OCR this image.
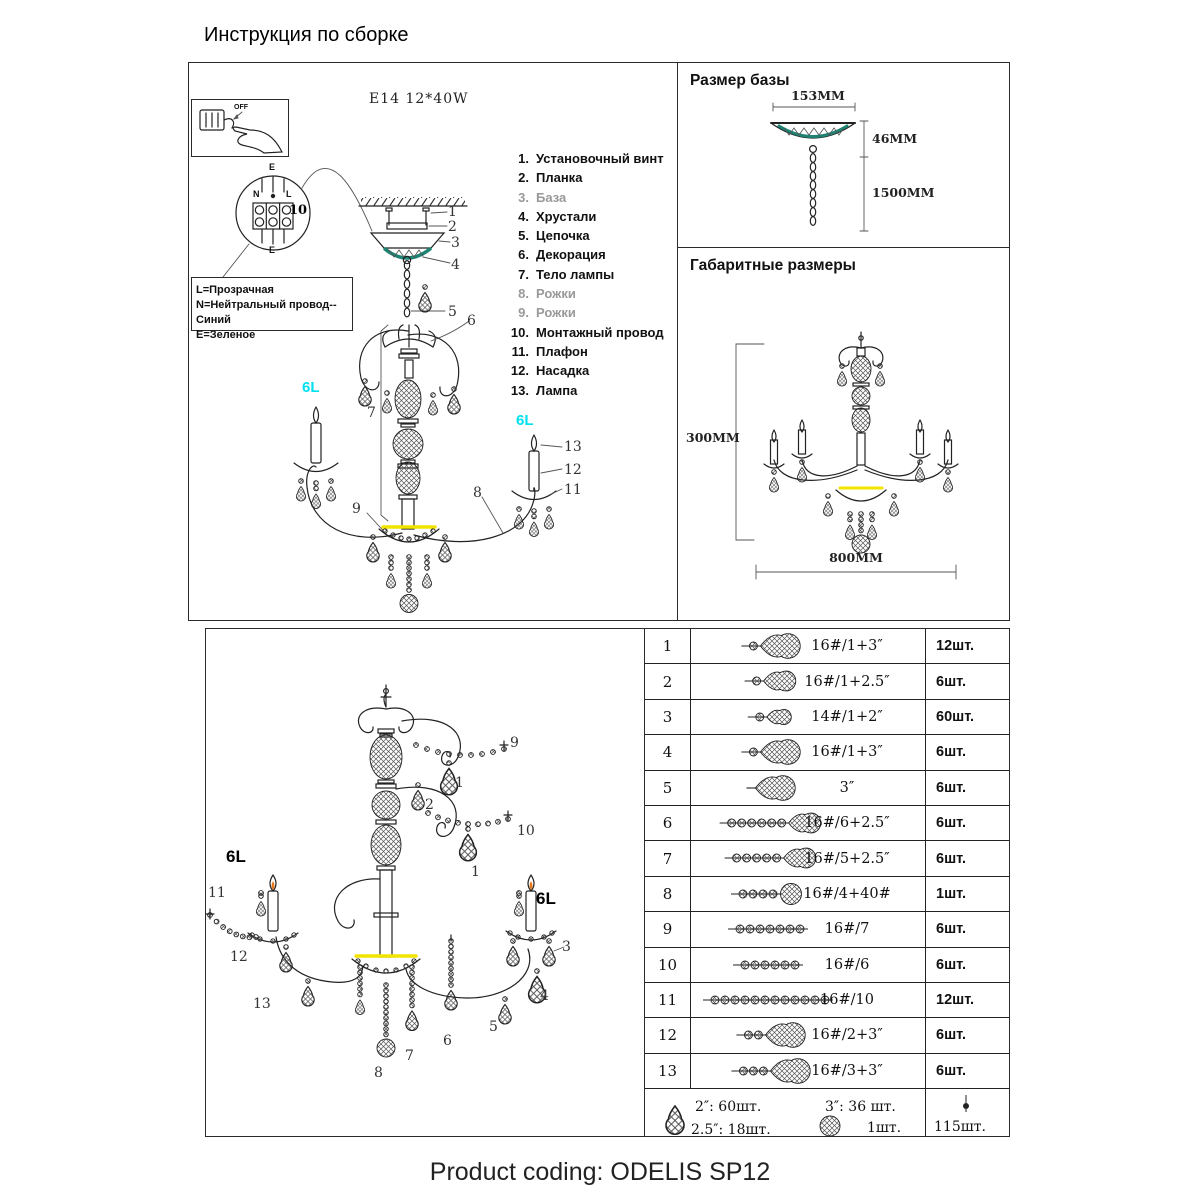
Инструкция по сборке
OFF
E14 12*40W
E
N	L
E
L=Прозрачная
N=Нейтральный провод--Синий
E=Зеленое
1. Установочный винт
2. Планка
3. База
4. Хрустали
5. Цепочка
6. Декорация
7. Тело лампы
8. Рожки
9. Рожки
10. Монтажный провод
11. Плафон
12. Насадка
13. Лампа
1
2
3
4
5
6
7
8
9
13
12
11
6L
6L
10
Размер базы
153MM
46MM
1500MM
Габаритные размеры
300MM
800MM
9
1
2
10
1
3
4
5
6
7
8
11
12
13
6L
6L
1	16#/1+3″	12шт.
2	16#/1+2.5″	6шт.
3	14#/1+2″	60шт.
4	16#/1+3″	6шт.
5	3″	6шт.
6	16#/6+2.5″	6шт.
7	16#/5+2.5″	6шт.
8	16#/4+40#	1шт.
9	16#/7	6шт.
10	16#/6	6шт.
11	16#/10	12шт.
12	16#/2+3″	6шт.
13	16#/3+3″	6шт.
2″: 60шт.
2.5″: 18шт.
3″: 36 шт.
1шт. 115шт.
Product coding: ODELIS SP12
